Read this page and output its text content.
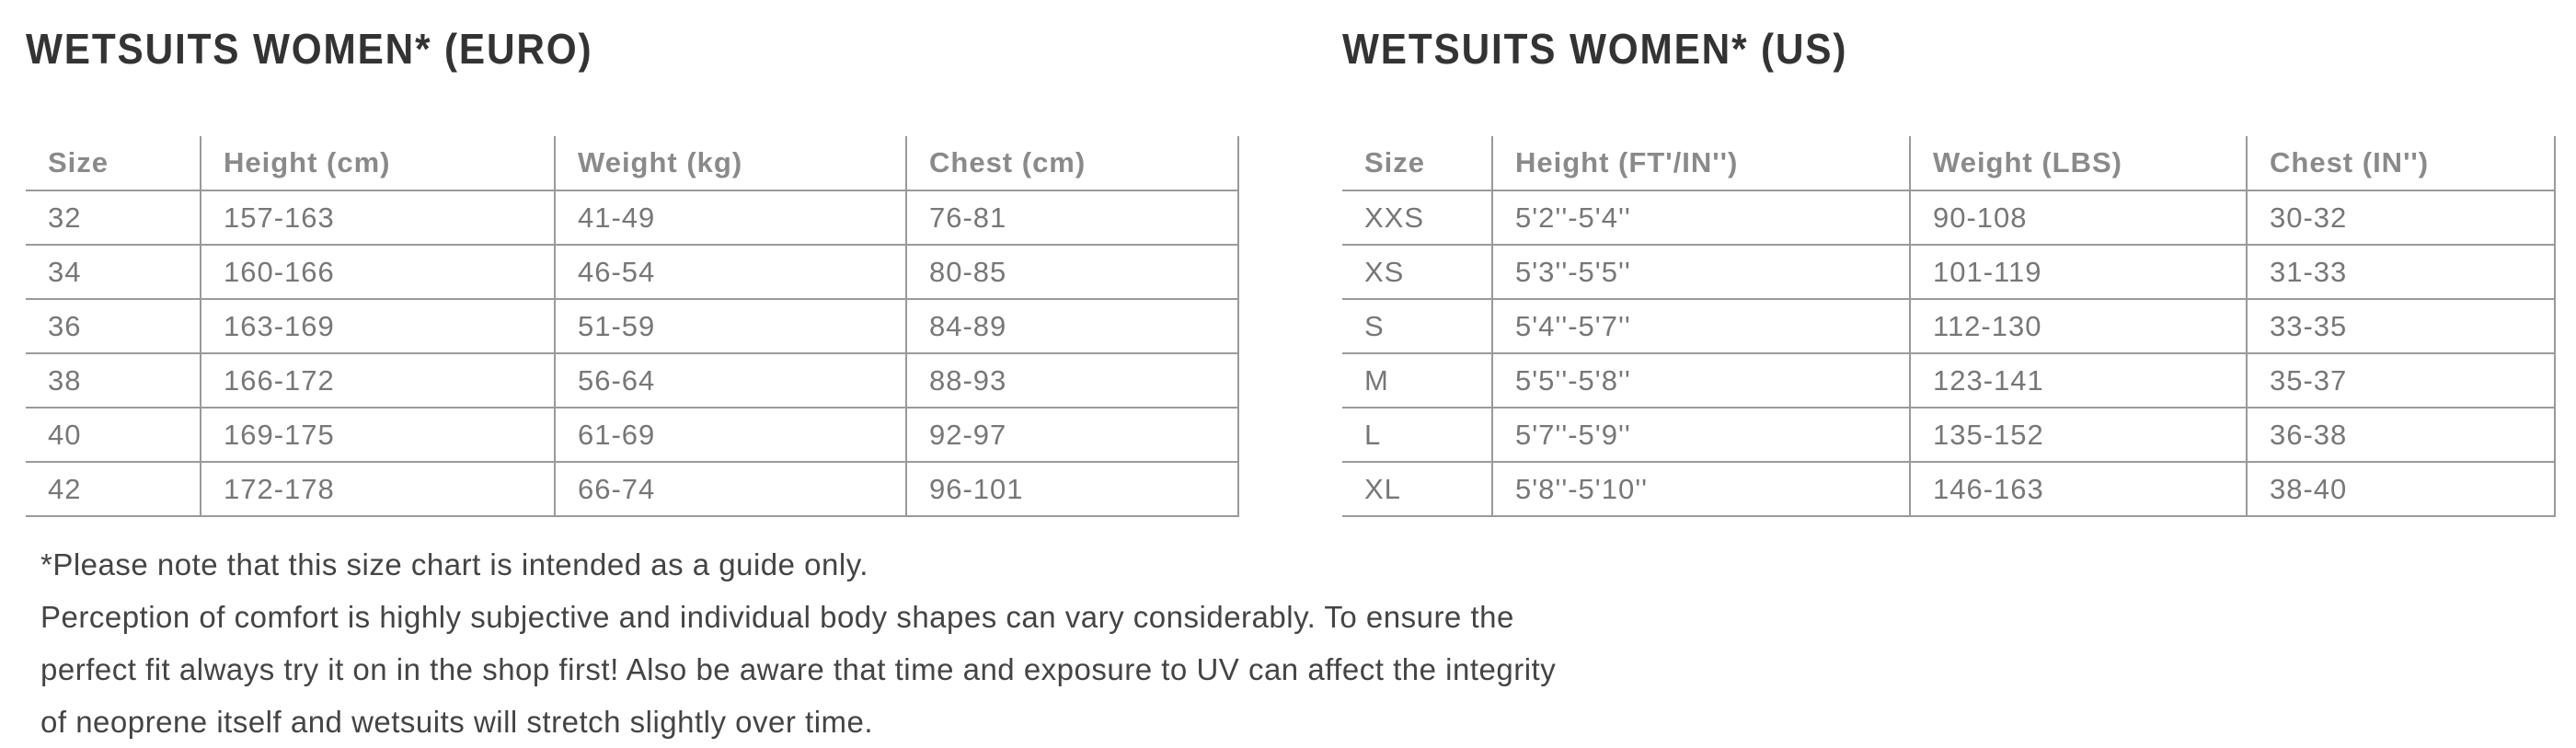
WETSUITS WOMEN* (EURO)
Size	Height (cm)	Weight (kg)	Chest (cm)
32	157-163	41-49	76-81
34	160-166	46-54	80-85
36	163-169	51-59	84-89
38	166-172	56-64	88-93
40	169-175	61-69	92-97
42	172-178	66-74	96-101
WETSUITS WOMEN* (US)
Size	Height (FT'/IN'')	Weight (LBS)	Chest (IN'')
XXS	5'2''-5'4''	90-108	30-32
XS	5'3''-5'5''	101-119	31-33
S	5'4''-5'7''	112-130	33-35
M	5'5''-5'8''	123-141	35-37
L	5'7''-5'9''	135-152	36-38
XL	5'8''-5'10''	146-163	38-40

*Please note that this size chart is intended as a guide only.

Perception of comfort is highly subjective and individual body shapes can vary considerably. To ensure the

perfect fit always try it on in the shop first! Also be aware that time and exposure to UV can affect the integrity

of neoprene itself and wetsuits will stretch slightly over time.
